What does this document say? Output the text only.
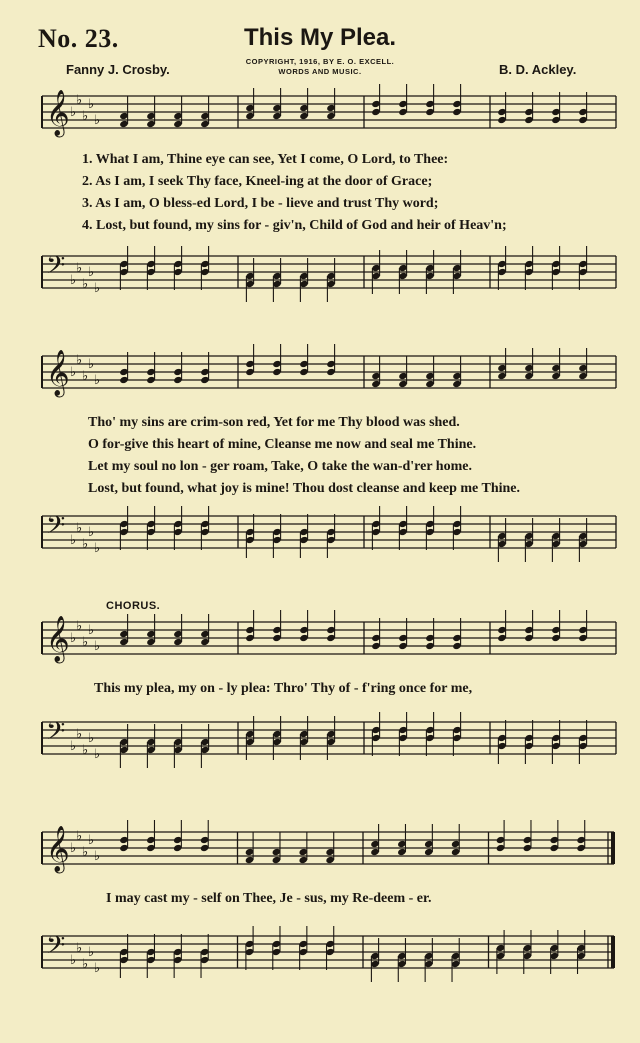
No. 23.	This My Plea.
Fanny J. Crosby.
COPYRIGHT, 1916, BY E. O. EXCELL.
WORDS AND MUSIC.	B. D. Ackley.
𝄞 ♭
♭
♭
♭
♭
1. What I am, Thine eye can see, Yet I come, O Lord, to Thee:
2. As I am, I seek Thy face, Kneel-ing at the door of Grace;
3. As I am, O bless-ed Lord, I be - lieve and trust Thy word;
4. Lost, but found, my sins for - giv'n, Child of God and heir of Heav'n;
𝄢 ♭
♭
♭
♭
♭
𝄞 ♭
♭
♭
♭
♭
Tho' my sins are crim-son red, Yet for me Thy blood was shed.
O for-give this heart of mine, Cleanse me now and seal me Thine.
Let my soul no lon - ger roam, Take, O take the wan-d'rer home.
Lost, but found, what joy is mine! Thou dost cleanse and keep me Thine.
𝄢 ♭
♭
♭
♭
♭
CHORUS.
𝄞 ♭
♭
♭
♭
♭
This my plea, my on - ly plea: Thro' Thy of - f'ring once for me,
𝄢 ♭
♭
♭
♭
♭
𝄞 ♭
♭
♭
♭
♭
I may cast my - self on Thee, Je - sus, my Re-deem - er.
𝄢 ♭
♭
♭
♭
♭
